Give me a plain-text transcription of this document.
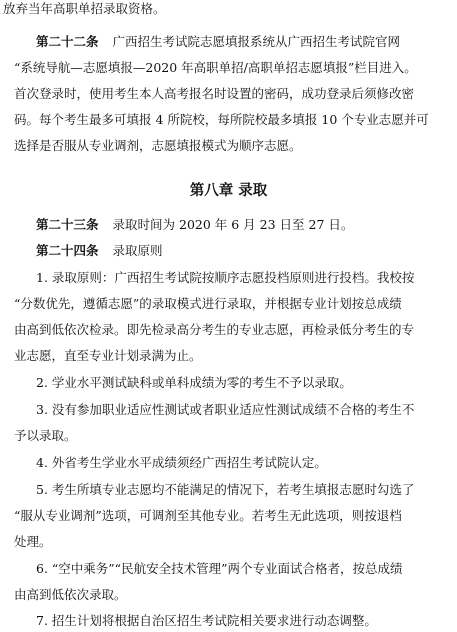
放弃当年高职单招录取资格。
第二十二条 广西招生考试院志愿填报系统从广西招生考试院官网
“系统导航—志愿填报—2020 年高职单招/高职单招志愿填报”栏目进入。
首次登录时，使用考生本人高考报名时设置的密码，成功登录后须修改密
码。每个考生最多可填报 4 所院校，每所院校最多填报 10 个专业志愿并可
选择是否服从专业调剂，志愿填报模式为顺序志愿。
第八章 录取
第二十三条 录取时间为 2020 年 6 月 23 日至 27 日。
第二十四条 录取原则
1. 录取原则：广西招生考试院按顺序志愿投档原则进行投档。我校按
“分数优先，遵循志愿”的录取模式进行录取，并根据专业计划按总成绩
由高到低依次检录。即先检录高分考生的专业志愿，再检录低分考生的专
业志愿，直至专业计划录满为止。
2. 学业水平测试缺科或单科成绩为零的考生不予以录取。
3. 没有参加职业适应性测试或者职业适应性测试成绩不合格的考生不
予以录取。
4. 外省考生学业水平成绩须经广西招生考试院认定。
5. 考生所填专业志愿均不能满足的情况下，若考生填报志愿时勾选了
“服从专业调剂”选项，可调剂至其他专业。若考生无此选项，则按退档
处理。
6. “空中乘务”“民航安全技术管理”两个专业面试合格者，按总成绩
由高到低依次录取。
7. 招生计划将根据自治区招生考试院相关要求进行动态调整。
